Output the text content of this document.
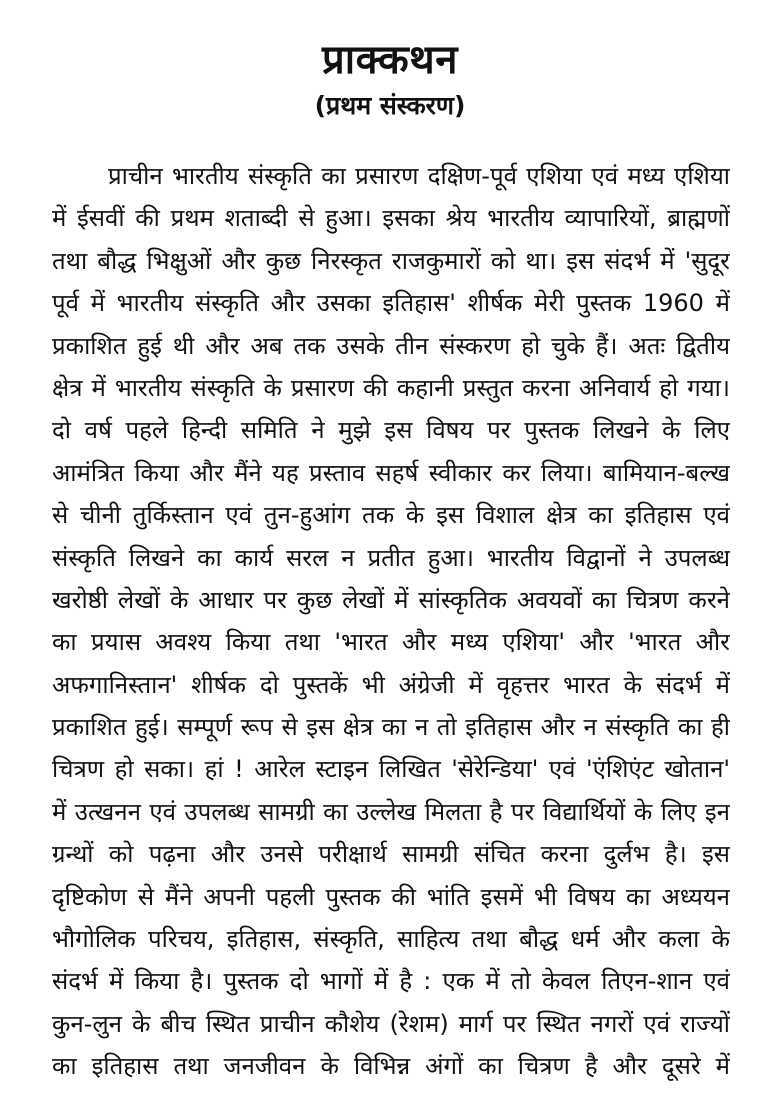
प्राक्कथन
(प्रथम संस्करण)
प्राचीन भारतीय संस्कृति का प्रसारण दक्षिण-पूर्व एशिया एवं मध्य एशिया
में ईसवीं की प्रथम शताब्दी से हुआ। इसका श्रेय भारतीय व्यापारियों, ब्राह्मणों
तथा बौद्ध भिक्षुओं और कुछ निरस्कृत राजकुमारों को था। इस संदर्भ में 'सुदूर
पूर्व में भारतीय संस्कृति और उसका इतिहास' शीर्षक मेरी पुस्तक 1960 में
प्रकाशित हुई थी और अब तक उसके तीन संस्करण हो चुके हैं। अतः द्वितीय
क्षेत्र में भारतीय संस्कृति के प्रसारण की कहानी प्रस्तुत करना अनिवार्य हो गया।
दो वर्ष पहले हिन्दी समिति ने मुझे इस विषय पर पुस्तक लिखने के लिए
आमंत्रित किया और मैंने यह प्रस्ताव सहर्ष स्वीकार कर लिया। बामियान-बल्ख
से चीनी तुर्किस्तान एवं तुन-हुआंग तक के इस विशाल क्षेत्र का इतिहास एवं
संस्कृति लिखने का कार्य सरल न प्रतीत हुआ। भारतीय विद्वानों ने उपलब्ध
खरोष्ठी लेखों के आधार पर कुछ लेखों में सांस्कृतिक अवयवों का चित्रण करने
का प्रयास अवश्य किया तथा 'भारत और मध्य एशिया' और 'भारत और
अफगानिस्तान' शीर्षक दो पुस्तकें भी अंग्रेजी में वृहत्तर भारत के संदर्भ में
प्रकाशित हुई। सम्पूर्ण रूप से इस क्षेत्र का न तो इतिहास और न संस्कृति का ही
चित्रण हो सका। हां ! आरेल स्टाइन लिखित 'सेरेन्डिया' एवं 'एंशिएंट खोतान'
में उत्खनन एवं उपलब्ध सामग्री का उल्लेख मिलता है पर विद्यार्थियों के लिए इन
ग्रन्थों को पढ़ना और उनसे परीक्षार्थ सामग्री संचित करना दुर्लभ है। इस
दृष्टिकोण से मैंने अपनी पहली पुस्तक की भांति इसमें भी विषय का अध्ययन
भौगोलिक परिचय, इतिहास, संस्कृति, साहित्य तथा बौद्ध धर्म और कला के
संदर्भ में किया है। पुस्तक दो भागों में है : एक में तो केवल तिएन-शान एवं
कुन-लुन के बीच स्थित प्राचीन कौशेय (रेशम) मार्ग पर स्थित नगरों एवं राज्यों
का इतिहास तथा जनजीवन के विभिन्न अंगों का चित्रण है और दूसरे में
